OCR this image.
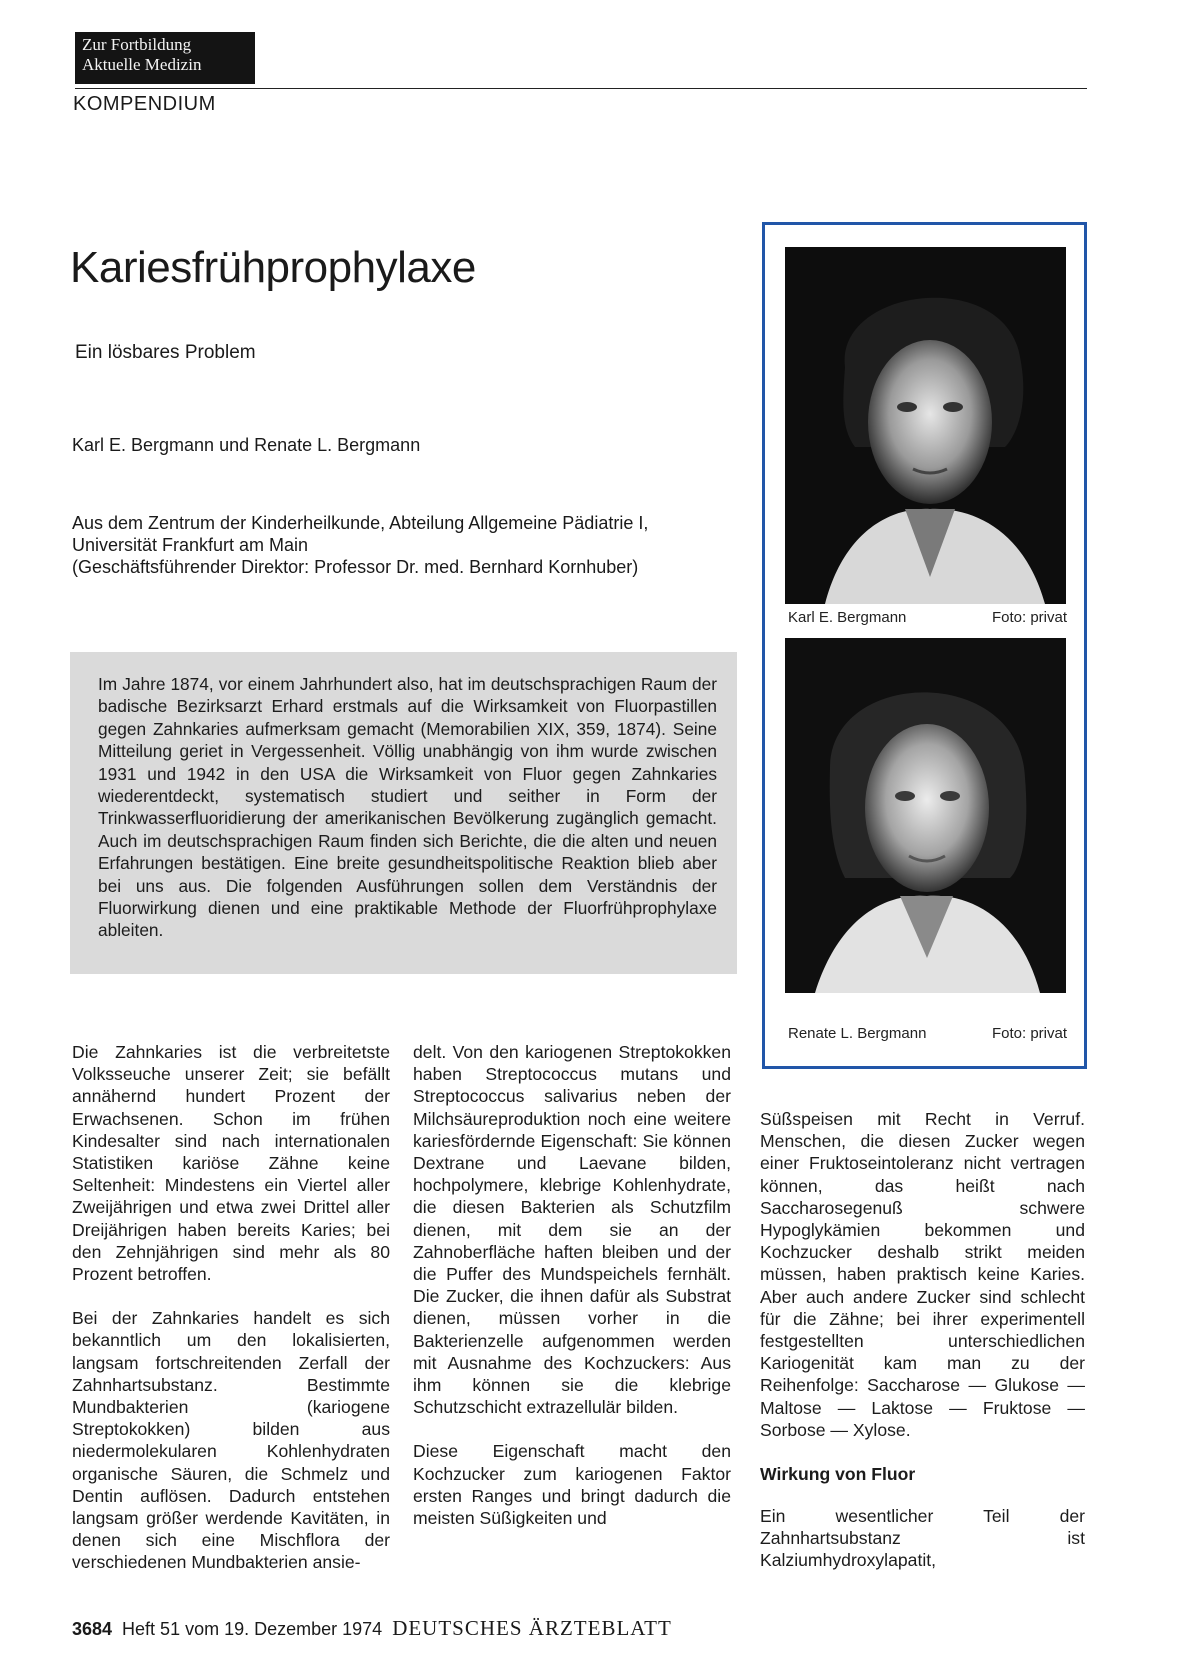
Zur Fortbildung
Aktuelle Medizin
KOMPENDIUM
Kariesfrühprophylaxe
Ein lösbares Problem
Karl E. Bergmann und Renate L. Bergmann
Aus dem Zentrum der Kinderheilkunde, Abteilung Allgemeine Pädiatrie I,
Universität Frankfurt am Main
(Geschäftsführender Direktor: Professor Dr. med. Bernhard Kornhuber)
Im Jahre 1874, vor einem Jahrhundert also, hat im deutschsprachigen Raum der badische Bezirksarzt Erhard erstmals auf die Wirksamkeit von Fluorpastillen gegen Zahnkaries aufmerksam gemacht (Memorabilien XIX, 359, 1874). Seine Mitteilung geriet in Vergessenheit. Völlig unabhängig von ihm wurde zwischen 1931 und 1942 in den USA die Wirksamkeit von Fluor gegen Zahnkaries wiederentdeckt, systematisch studiert und seither in Form der Trinkwasserfluoridierung der amerikanischen Bevölkerung zugänglich gemacht. Auch im deutschsprachigen Raum finden sich Berichte, die die alten und neuen Erfahrungen bestätigen. Eine breite gesundheitspolitische Reaktion blieb aber bei uns aus. Die folgenden Ausführungen sollen dem Verständnis der Fluorwirkung dienen und eine praktikable Methode der Fluorfrühprophylaxe ableiten.
Karl E. Bergmann	Foto: privat
Renate L. Bergmann	Foto: privat

Die Zahnkaries ist die verbreitetste Volksseuche unserer Zeit; sie befällt annähernd hundert Prozent der Erwachsenen. Schon im frühen Kindesalter sind nach internationalen Statistiken kariöse Zähne keine Seltenheit: Mindestens ein Viertel aller Zweijährigen und etwa zwei Drittel aller Dreijährigen haben bereits Karies; bei den Zehnjährigen sind mehr als 80 Prozent betroffen.

Bei der Zahnkaries handelt es sich bekanntlich um den lokalisierten, langsam fortschreitenden Zerfall der Zahnhartsubstanz. Bestimmte Mundbakterien (kariogene Streptokokken) bilden aus niedermolekularen Kohlenhydraten organische Säuren, die Schmelz und Dentin auflösen. Dadurch entstehen langsam größer werdende Kavitäten, in denen sich eine Mischflora der verschiedenen Mundbakterien ansie-

delt. Von den kariogenen Streptokokken haben Streptococcus mutans und Streptococcus salivarius neben der Milchsäureproduktion noch eine weitere kariesfördernde Eigenschaft: Sie können Dextrane und Laevane bilden, hochpolymere, klebrige Kohlenhydrate, die diesen Bakterien als Schutzfilm dienen, mit dem sie an der Zahnoberfläche haften bleiben und der die Puffer des Mundspeichels fernhält. Die Zucker, die ihnen dafür als Substrat dienen, müssen vorher in die Bakterienzelle aufgenommen werden mit Ausnahme des Kochzuckers: Aus ihm können sie die klebrige Schutzschicht extrazellulär bilden.

Diese Eigenschaft macht den Kochzucker zum kariogenen Faktor ersten Ranges und bringt dadurch die meisten Süßigkeiten und

Süßspeisen mit Recht in Verruf. Menschen, die diesen Zucker wegen einer Fruktoseintoleranz nicht vertragen können, das heißt nach Saccharosegenuß schwere Hypoglykämien bekommen und Kochzucker deshalb strikt meiden müssen, haben praktisch keine Karies. Aber auch andere Zucker sind schlecht für die Zähne; bei ihrer experimentell festgestellten unterschiedlichen Kariogenität kam man zu der Reihenfolge: Saccharose — Glukose — Maltose — Laktose — Fruktose — Sorbose — Xylose.

Wirkung von Fluor

Ein wesentlicher Teil der Zahnhartsubstanz ist Kalziumhydroxylapatit,

3684 Heft 51 vom 19. Dezember 1974 DEUTSCHES ÄRZTEBLATT
